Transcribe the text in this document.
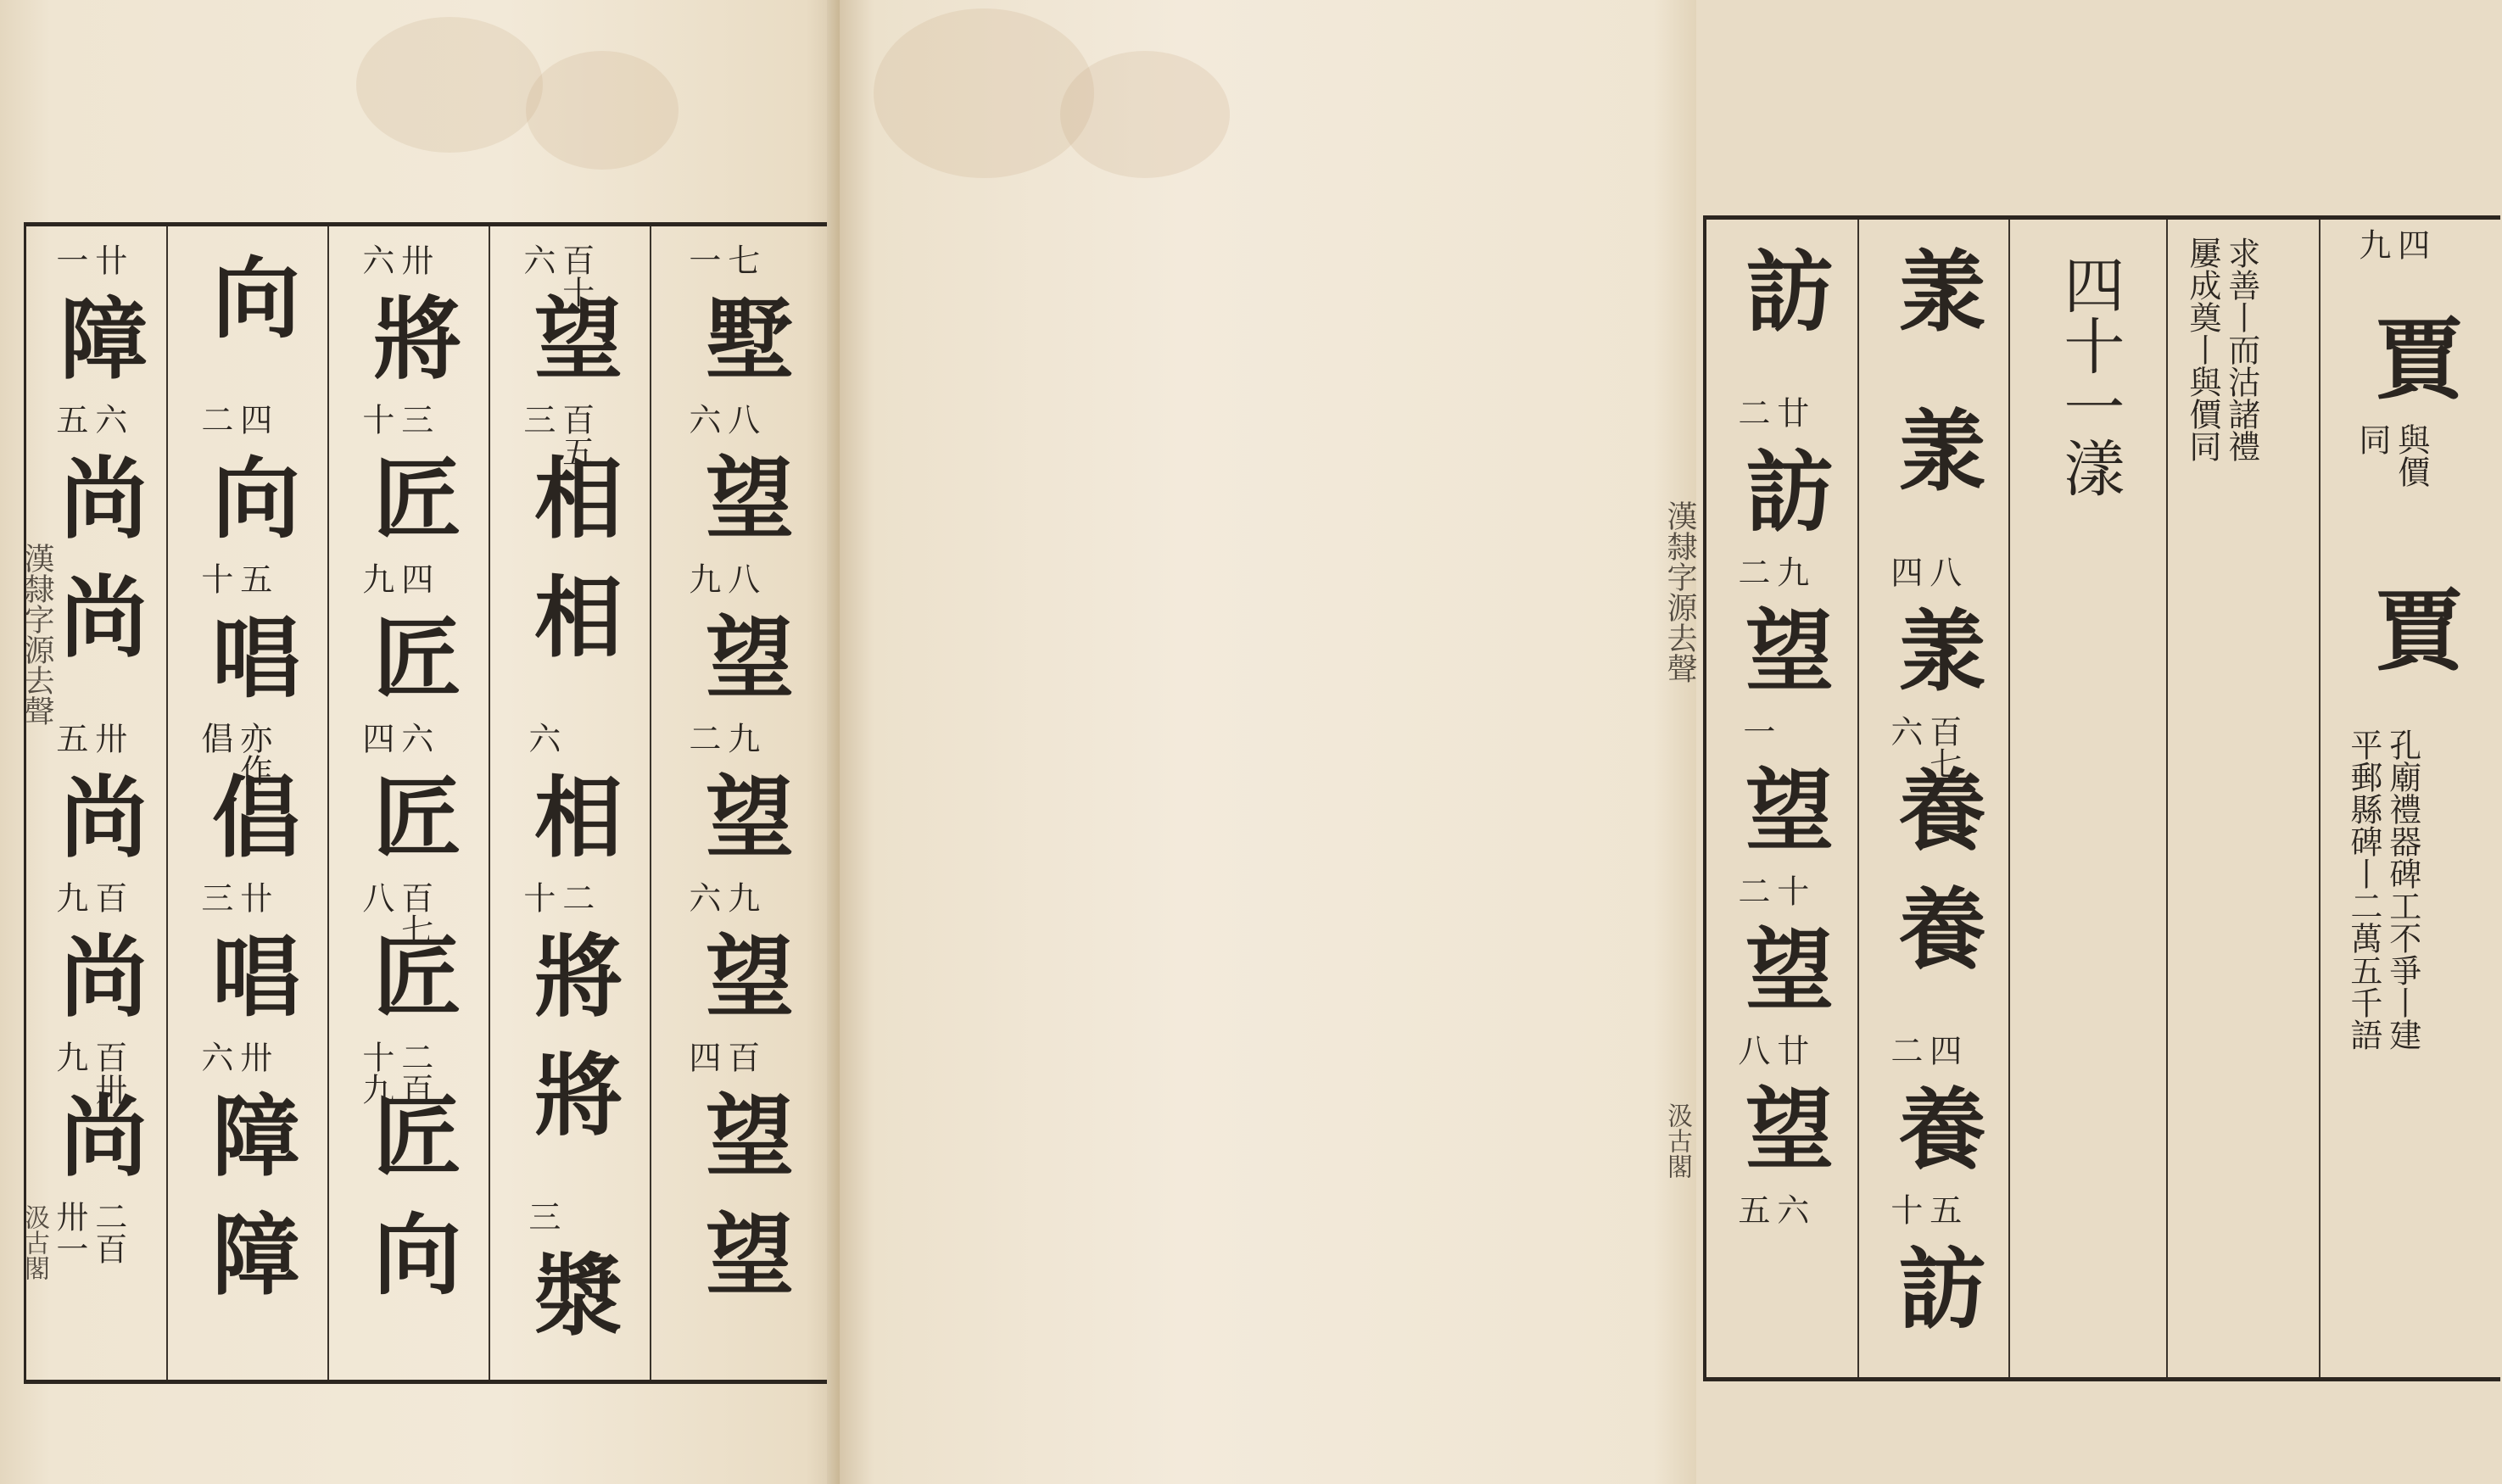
漢隸字源去聲
汲古閣
卄
一
障
六
五
尚
尚
卅
五
尚
百
九
尚
百卅
九
尚
二百
卅一
向
四
二
向
五
十
唱
亦作
倡
倡
卄
三
唱
卅
六
障
障
卅
六
將
三
十
匠
四
九
匠
六
四
匠
百七
八
匠
二百
十九
匠
向
百十
六
望
百五
三
相
相
六
相
二
十
將
將
三
漿
七
一
墅
八
六
望
八
九
望
九
二
望
九
六
望
百
四
望
望
漢隸字源去聲
汲古閣
訪
廿
二
訪
九
二
望
一
望
十
二
望
廿
八
望
六
五
羕
羕
八
四
羕
百七
六
養
養
四
二
養
五
十
訪
四十一漾	求善丨而沽諸禮
屢成奠丨與價同	四
九
賈
與價
同
賈
孔廟禮器碑工不爭丨建
平郵縣碑丨二萬五千語
